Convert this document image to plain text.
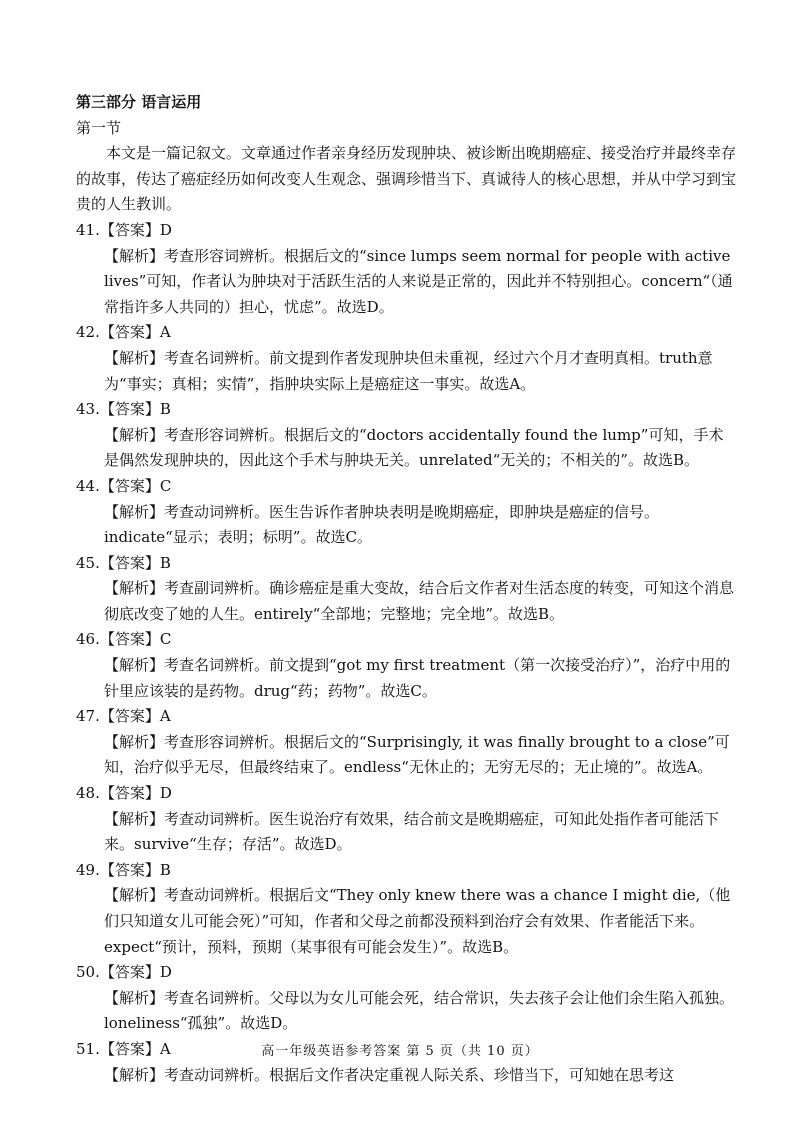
第三部分 语言运用

第一节

本文是一篇记叙文。文章通过作者亲身经历发现肿块、被诊断出晚期癌症、接受治疗并最终幸存的故事，传达了癌症经历如何改变人生观念、强调珍惜当下、真诚待人的核心思想，并从中学习到宝贵的人生教训。

41.【答案】D

【解析】考查形容词辨析。根据后文的“since lumps seem normal for people with active lives”可知，作者认为肿块对于活跃生活的人来说是正常的，因此并不特别担心。concern“（通常指许多人共同的）担心，忧虑”。故选D。

42.【答案】A

【解析】考查名词辨析。前文提到作者发现肿块但未重视，经过六个月才查明真相。truth意为“事实；真相；实情”，指肿块实际上是癌症这一事实。故选A。

43.【答案】B

【解析】考查形容词辨析。根据后文的“doctors accidentally found the lump”可知，手术是偶然发现肿块的，因此这个手术与肿块无关。unrelated“无关的；不相关的”。故选B。

44.【答案】C

【解析】考查动词辨析。医生告诉作者肿块表明是晚期癌症，即肿块是癌症的信号。indicate“显示；表明；标明”。故选C。

45.【答案】B

【解析】考查副词辨析。确诊癌症是重大变故，结合后文作者对生活态度的转变，可知这个消息彻底改变了她的人生。entirely“全部地；完整地；完全地”。故选B。

46.【答案】C

【解析】考查名词辨析。前文提到“got my first treatment（第一次接受治疗）”，治疗中用的针里应该装的是药物。drug“药；药物”。故选C。

47.【答案】A

【解析】考查形容词辨析。根据后文的“Surprisingly, it was finally brought to a close”可知，治疗似乎无尽，但最终结束了。endless“无休止的；无穷无尽的；无止境的”。故选A。

48.【答案】D

【解析】考查动词辨析。医生说治疗有效果，结合前文是晚期癌症，可知此处指作者可能活下来。survive“生存；存活”。故选D。

49.【答案】B

【解析】考查动词辨析。根据后文“They only knew there was a chance I might die,（他们只知道女儿可能会死）”可知，作者和父母之前都没预料到治疗会有效果、作者能活下来。expect“预计，预料，预期（某事很有可能会发生）”。故选B。

50.【答案】D

【解析】考查名词辨析。父母以为女儿可能会死，结合常识，失去孩子会让他们余生陷入孤独。loneliness“孤独”。故选D。

51.【答案】A

【解析】考查动词辨析。根据后文作者决定重视人际关系、珍惜当下，可知她在思考这

高一年级英语参考答案 第 5 页（共 10 页）
